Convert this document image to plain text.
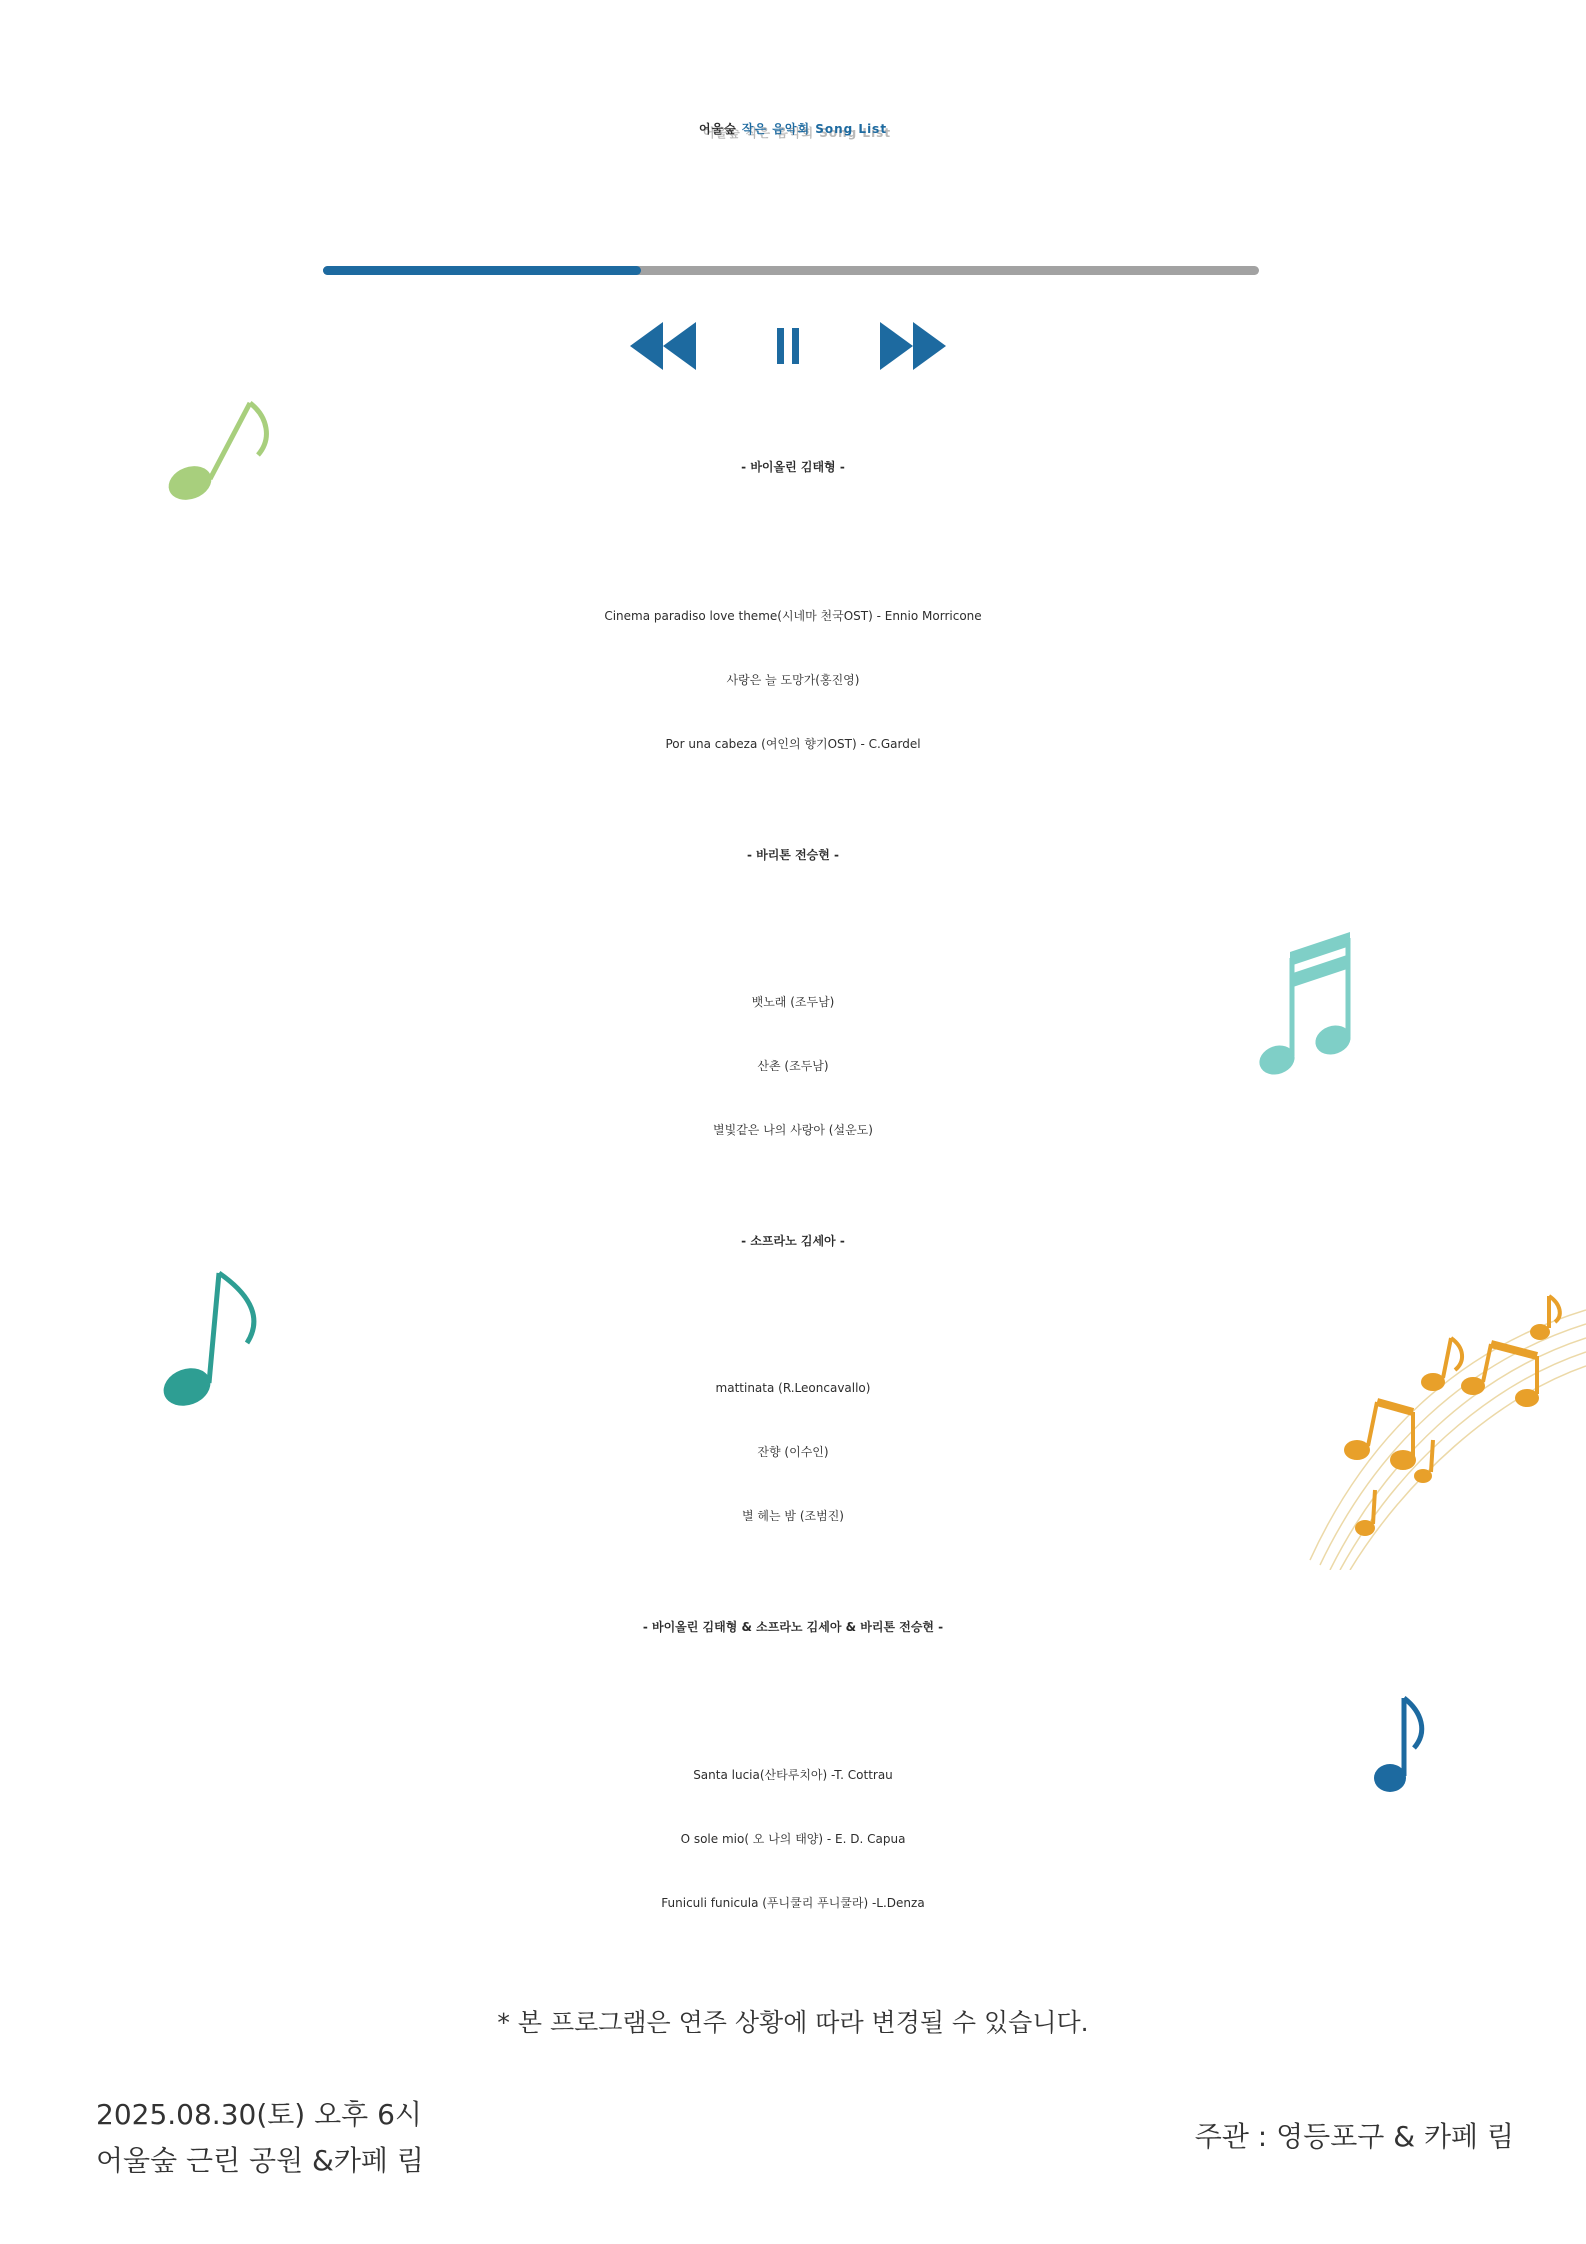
어울숲 작은 음악회 Song List
- 바이올린 김태형 -
Cinema paradiso love theme(시네마 천국OST) - Ennio Morricone
사랑은 늘 도망가(홍진영)
Por una cabeza (여인의 향기OST) - C.Gardel
- 바리톤 전승현 -
뱃노래 (조두남)
산촌 (조두남)
별빛같은 나의 사랑아 (설운도)
- 소프라노 김세아 -
mattinata (R.Leoncavallo)
잔향 (이수인)
별 헤는 밤 (조범진)
- 바이올린 김태형 & 소프라노 김세아 & 바리톤 전승현 -
Santa lucia(산타루치아) -T. Cottrau
O sole mio( 오 나의 태양) - E. D. Capua
Funiculi funicula (푸니쿨리 푸니쿨라) -L.Denza
* 본 프로그램은 연주 상황에 따라 변경될 수 있습니다.
2025.08.30(토) 오후 6시
어울숲 근린 공원 &카페 림
주관 : 영등포구 & 카페 림
